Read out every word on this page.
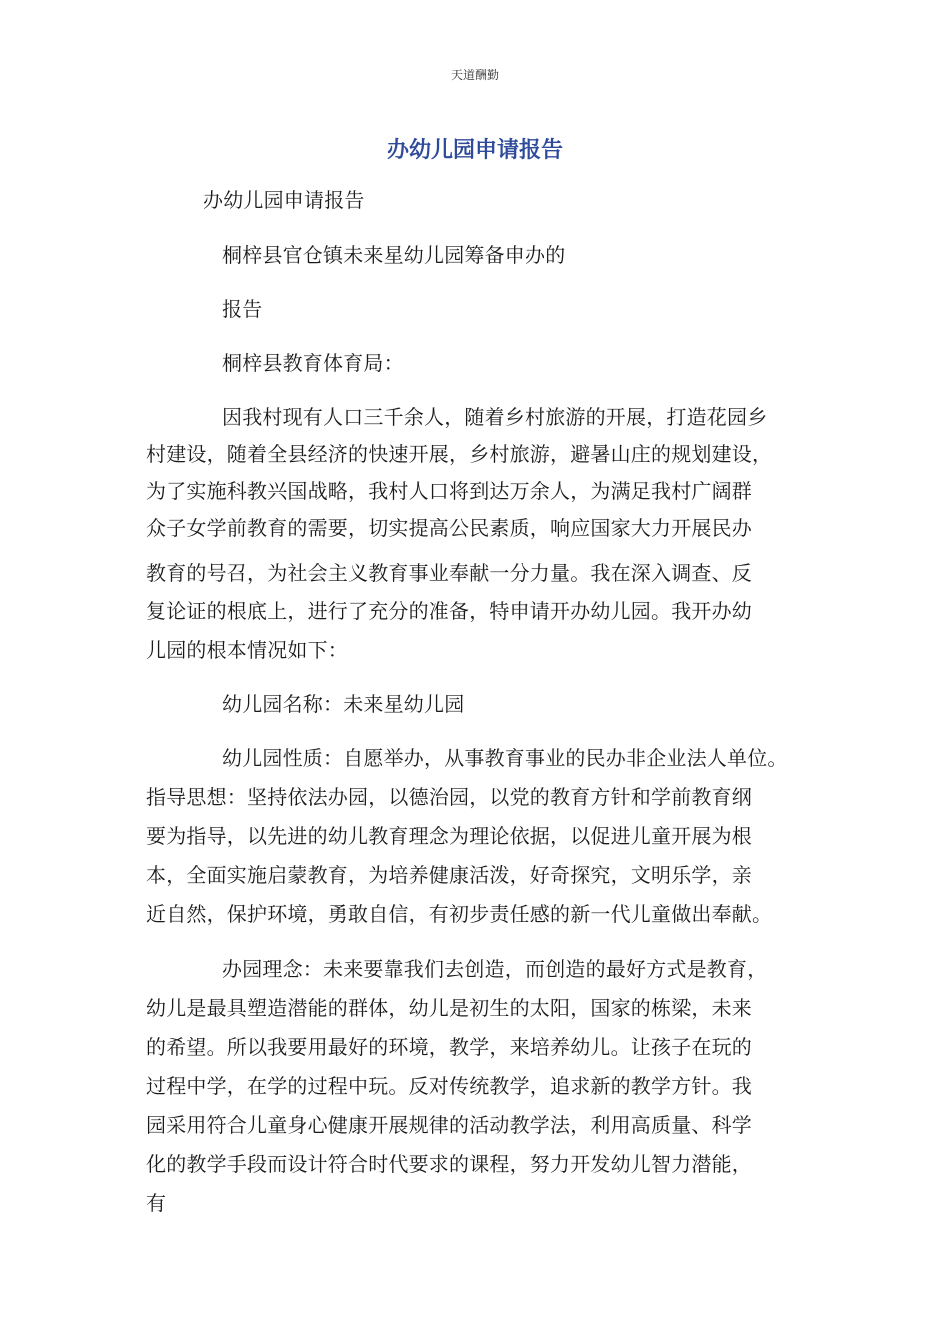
天道酬勤
办幼儿园申请报告
办幼儿园申请报告
桐梓县官仓镇未来星幼儿园筹备申办的
报告
桐梓县教育体育局：
因我村现有人口三千余人，随着乡村旅游的开展，打造花园乡
村建设，随着全县经济的快速开展，乡村旅游，避暑山庄的规划建设，
为了实施科教兴国战略，我村人口将到达万余人，为满足我村广阔群
众子女学前教育的需要，切实提高公民素质，响应国家大力开展民办
教育的号召，为社会主义教育事业奉献一分力量。我在深入调查、反
复论证的根底上，进行了充分的准备，特申请开办幼儿园。我开办幼
儿园的根本情况如下：
幼儿园名称：未来星幼儿园
幼儿园性质：自愿举办，从事教育事业的民办非企业法人单位。
指导思想：坚持依法办园，以德治园，以党的教育方针和学前教育纲
要为指导，以先进的幼儿教育理念为理论依据，以促进儿童开展为根
本，全面实施启蒙教育，为培养健康活泼，好奇探究，文明乐学，亲
近自然，保护环境，勇敢自信，有初步责任感的新一代儿童做出奉献。
办园理念：未来要靠我们去创造，而创造的最好方式是教育，
幼儿是最具塑造潜能的群体，幼儿是初生的太阳，国家的栋梁，未来
的希望。所以我要用最好的环境，教学，来培养幼儿。让孩子在玩的
过程中学，在学的过程中玩。反对传统教学，追求新的教学方针。我
园采用符合儿童身心健康开展规律的活动教学法，利用高质量、科学
化的教学手段而设计符合时代要求的课程，努力开发幼儿智力潜能，
有
